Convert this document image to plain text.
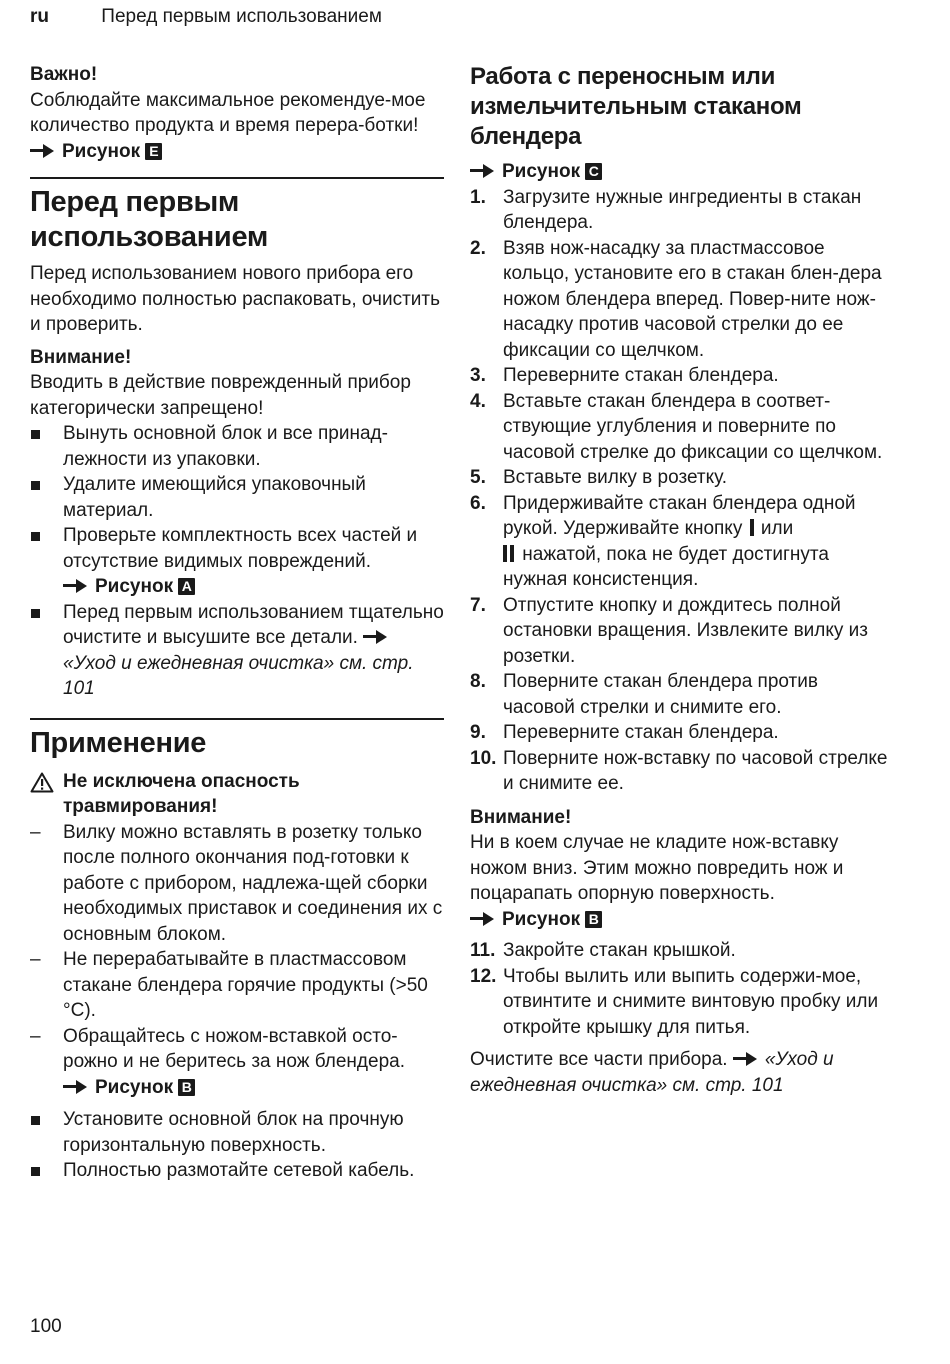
ru	Перед первым использованием

Важно!

Соблюдайте максимальное рекомендуе-мое количество продукта и время перера-ботки! Рисунок E

Перед первым использованием

Перед использованием нового прибора его необходимо полностью распаковать, очистить и проверить.

Внимание!

Вводить в действие поврежденный прибор категорически запрещено!

Вынуть основной блок и все принад-лежности из упаковки.
Удалите имеющийся упаковочный материал.
Проверьте комплектность всех частей и отсутствие видимых повреждений.
Рисунок A
Перед первым использованием тщательно очистите и высушите все детали. «Уход и ежедневная очистка» см. стр. 101
Применение

Не исключена опасность травмирования!

– Вилку можно вставлять в розетку только после полного окончания под-готовки к работе с прибором, надлежа-щей сборки необходимых приставок и соединения их с основным блоком.
– Не перерабатывайте в пластмассовом стакане блендера горячие продукты (>50 °C).
– Обращайтесь с ножом-вставкой осто-рожно и не беритесь за нож блендера.
Рисунок B
Установите основной блок на прочную горизонтальную поверхность.
Полностью размотайте сетевой кабель.
Работа с переносным или измельчительным стаканом блендера

Рисунок C

1. Загрузите нужные ингредиенты в стакан блендера.
2. Взяв нож-насадку за пластмассовое кольцо, установите его в стакан блен-дера ножом блендера вперед. Повер-ните нож-насадку против часовой стрелки до ее фиксации со щелчком.
3. Переверните стакан блендера.
4. Вставьте стакан блендера в соответ-ствующие углубления и поверните по часовой стрелке до фиксации со щелчком.
5. Вставьте вилку в розетку.
6. Придерживайте стакан блендера одной рукой. Удерживайте кнопку или
нажатой, пока не будет достигнута нужная консистенция.
7. Отпустите кнопку и дождитесь полной остановки вращения. Извлеките вилку из розетки.
8. Поверните стакан блендера против часовой стрелки и снимите его.
9. Переверните стакан блендера.
10. Поверните нож-вставку по часовой стрелке и снимите ее.

Внимание!

Ни в коем случае не кладите нож-вставку ножом вниз. Этим можно повредить нож и поцарапать опорную поверхность.

Рисунок B

11. Закройте стакан крышкой.
12. Чтобы вылить или выпить содержи-мое, отвинтите и снимите винтовую пробку или откройте крышку для питья.

Очистите все части прибора. «Уход и ежедневная очистка» см. стр. 101

100
